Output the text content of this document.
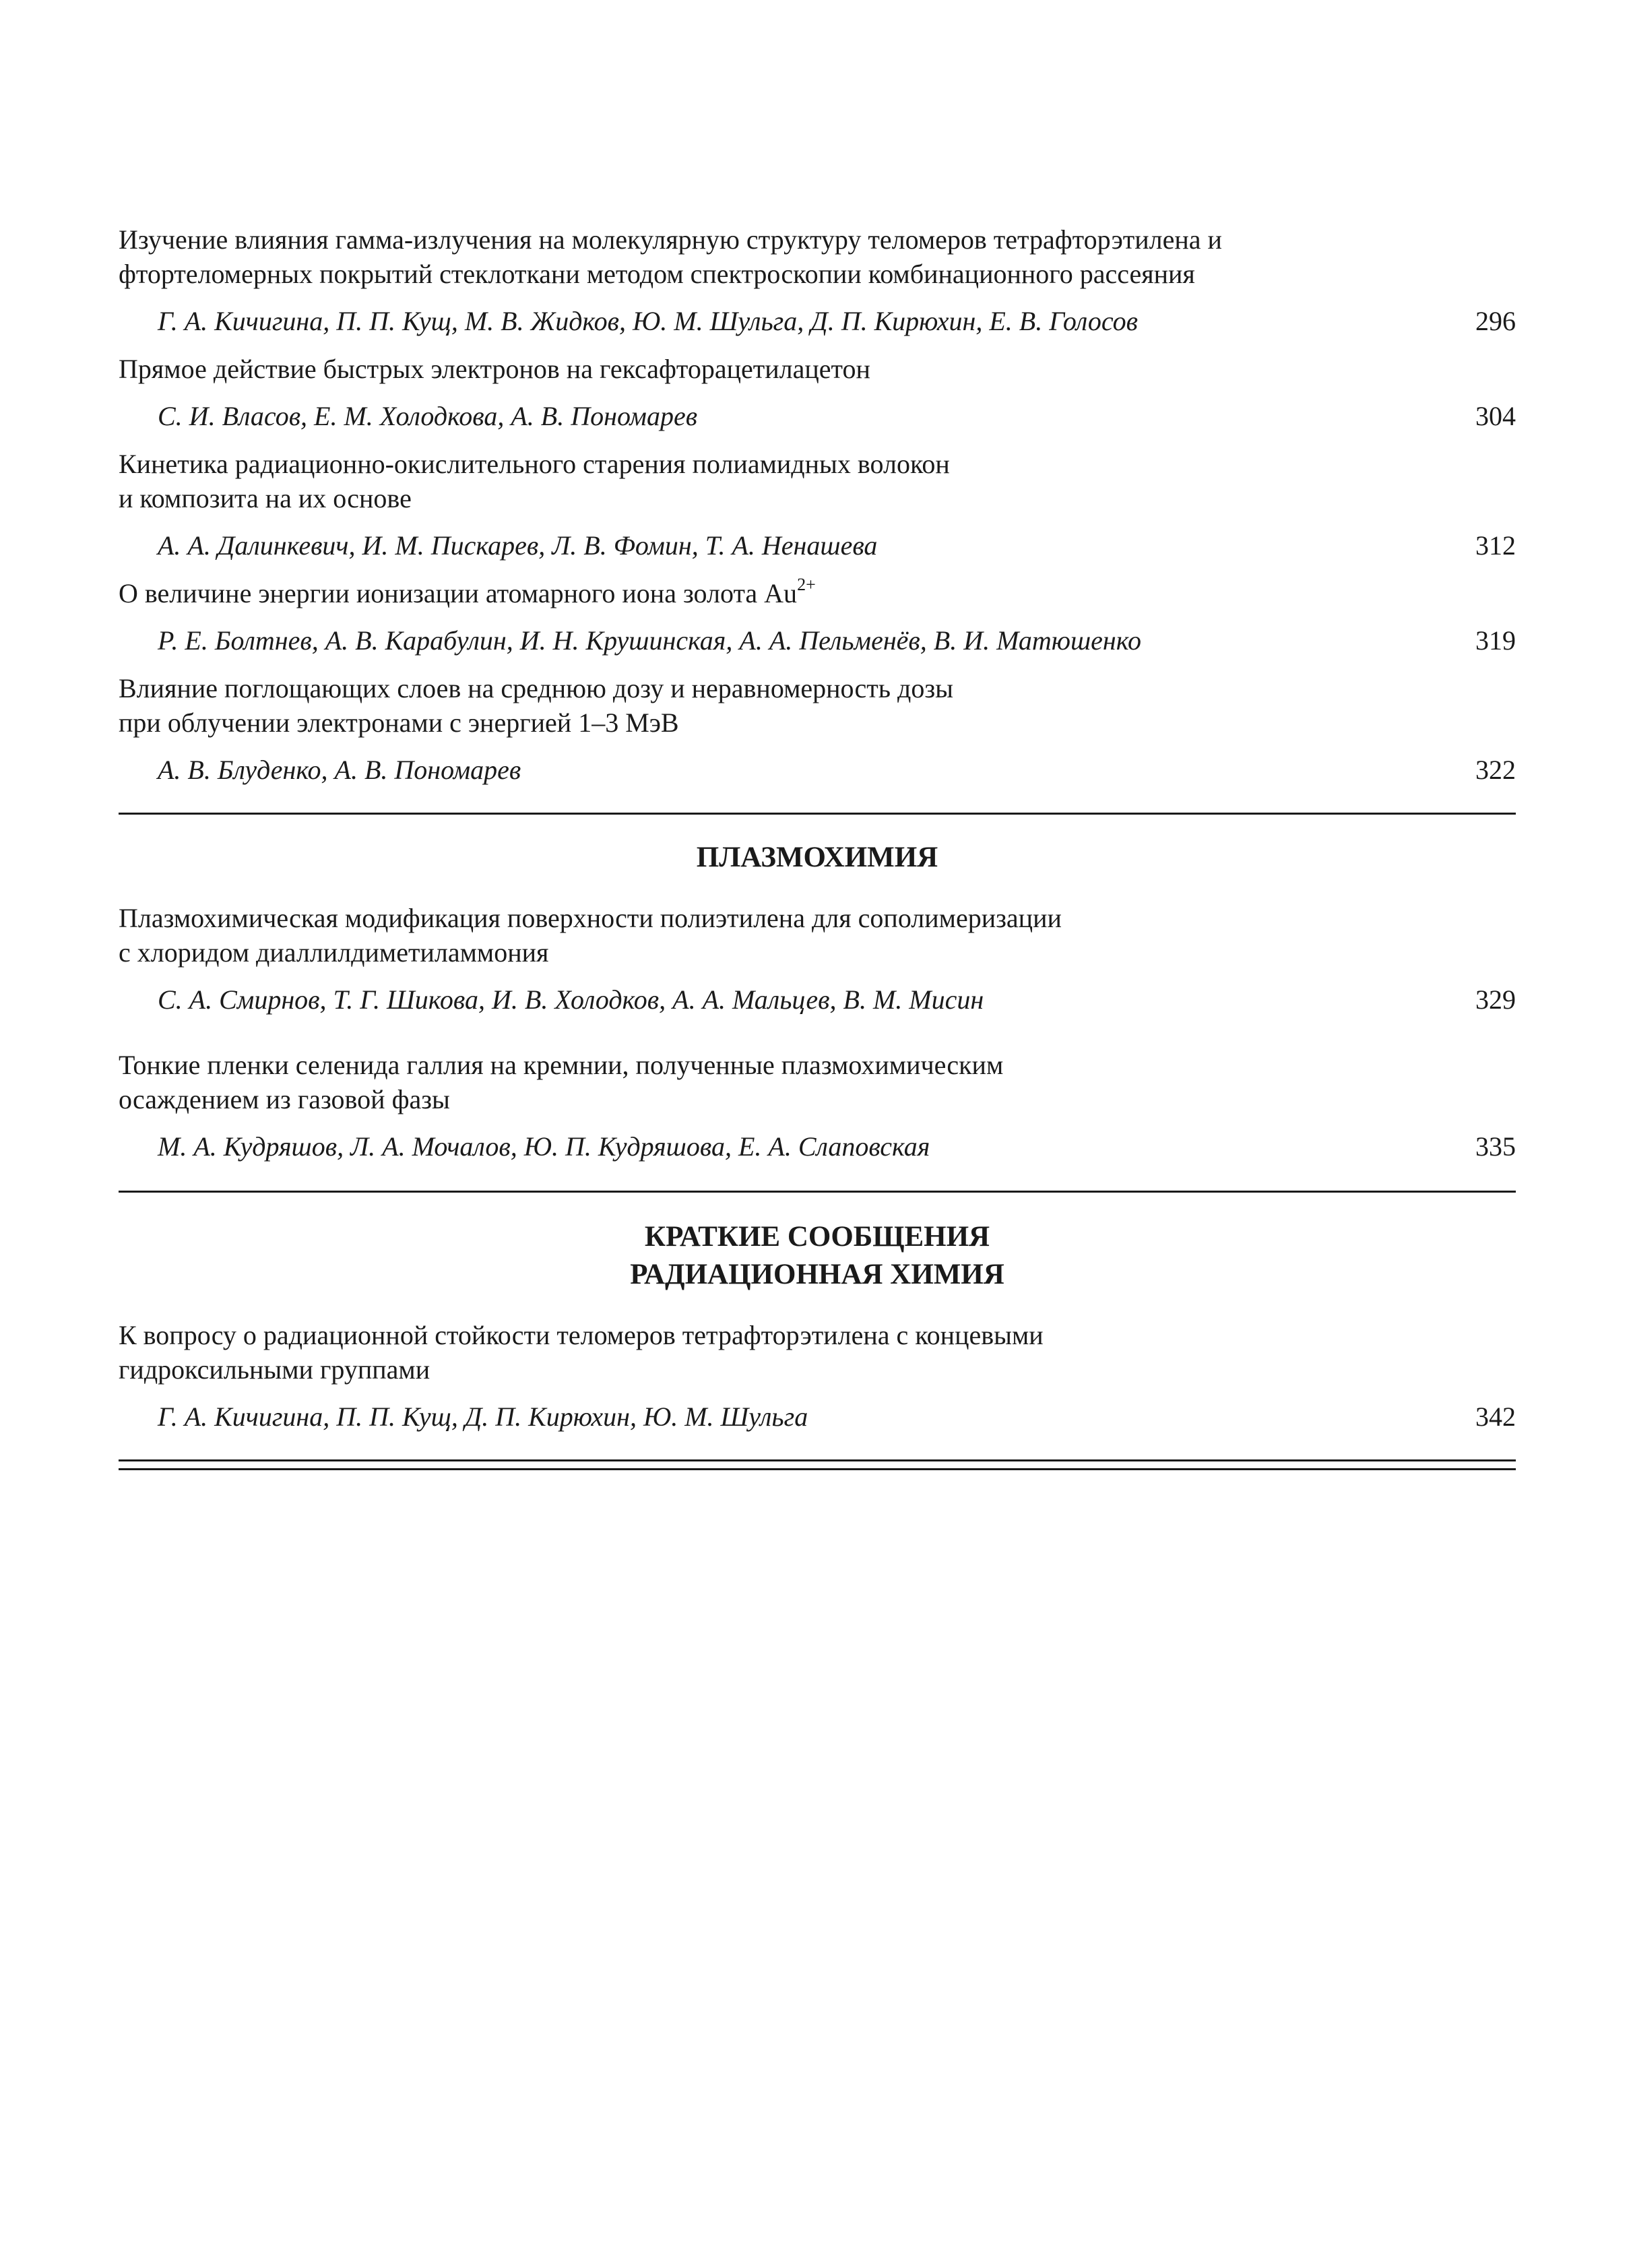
Изучение влияния гамма-излучения на молекулярную структуру теломеров тетрафторэтилена и
фтортеломерных покрытий стеклоткани методом спектроскопии комбинационного рассеяния

Г. А. Кичигина, П. П. Кущ, М. В. Жидков, Ю. М. Шульга, Д. П. Кирюхин, Е. В. Голосов	296

Прямое действие быстрых электронов на гексафторацетилацетон

С. И. Власов, Е. М. Холодкова, А. В. Пономарев	304

Кинетика радиационно-окислительного старения полиамидных волокон
и композита на их основе

А. А. Далинкевич, И. М. Пискарев, Л. В. Фомин, Т. А. Ненашева	312

О величине энергии ионизации атомарного иона золота $Au^{2+}$

Р. Е. Болтнев, А. В. Карабулин, И. Н. Крушинская, А. А. Пельменёв, В. И. Матюшенко	319

Влияние поглощающих слоев на среднюю дозу и неравномерность дозы
при облучении электронами с энергией 1–3 МэВ

А. В. Блуденко, А. В. Пономарев	322

ПЛАЗМОХИМИЯ

Плазмохимическая модификация поверхности полиэтилена для сополимеризации
с хлоридом диаллилдиметиламмония

С. А. Смирнов, Т. Г. Шикова, И. В. Холодков, А. А. Мальцев, В. М. Мисин	329

Тонкие пленки селенида галлия на кремнии, полученные плазмохимическим
осаждением из газовой фазы

М. А. Кудряшов, Л. А. Мочалов, Ю. П. Кудряшова, Е. А. Слаповская	335

КРАТКИЕ СООБЩЕНИЯ
РАДИАЦИОННАЯ ХИМИЯ

К вопросу о радиационной стойкости теломеров тетрафторэтилена с концевыми
гидроксильными группами

Г. А. Кичигина, П. П. Кущ, Д. П. Кирюхин, Ю. М. Шульга	342
